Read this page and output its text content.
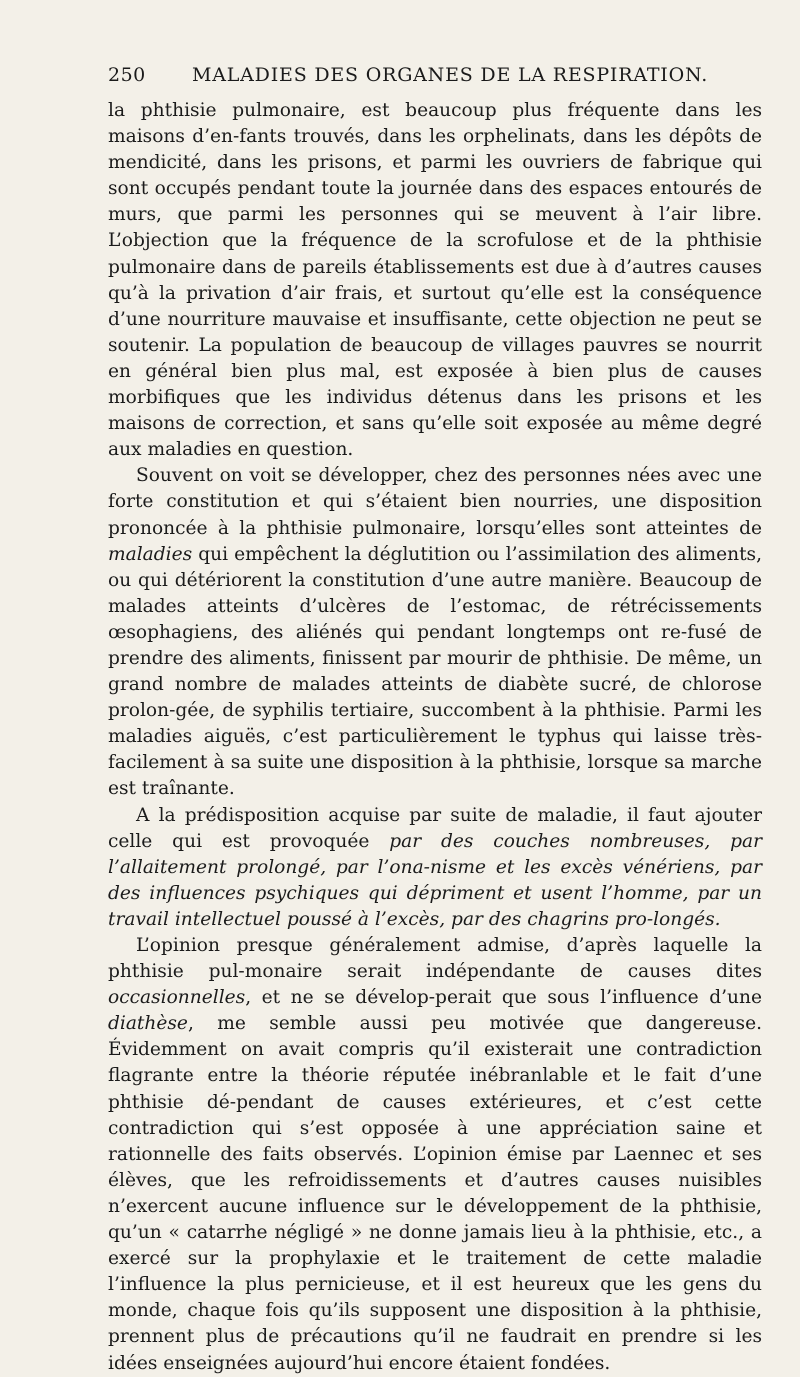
250	MALADIES DES ORGANES DE LA RESPIRATION.

la phthisie pulmonaire, est beaucoup plus fréquente dans les maisons d’en-fants trouvés, dans les orphelinats, dans les dépôts de mendicité, dans les prisons, et parmi les ouvriers de fabrique qui sont occupés pendant toute la journée dans des espaces entourés de murs, que parmi les personnes qui se meuvent à l’air libre. L’objection que la fréquence de la scrofulose et de la phthisie pulmonaire dans de pareils établissements est due à d’autres causes qu’à la privation d’air frais, et surtout qu’elle est la conséquence d’une nourriture mauvaise et insuffisante, cette objection ne peut se soutenir. La population de beaucoup de villages pauvres se nourrit en général bien plus mal, est exposée à bien plus de causes morbifiques que les individus détenus dans les prisons et les maisons de correction, et sans qu’elle soit exposée au même degré aux maladies en question.

Souvent on voit se développer, chez des personnes nées avec une forte constitution et qui s’étaient bien nourries, une disposition prononcée à la phthisie pulmonaire, lorsqu’elles sont atteintes de maladies qui empêchent la déglutition ou l’assimilation des aliments, ou qui détériorent la constitution d’une autre manière. Beaucoup de malades atteints d’ulcères de l’estomac, de rétrécissements œsophagiens, des aliénés qui pendant longtemps ont re-fusé de prendre des aliments, finissent par mourir de phthisie. De même, un grand nombre de malades atteints de diabète sucré, de chlorose prolon-gée, de syphilis tertiaire, succombent à la phthisie. Parmi les maladies aiguës, c’est particulièrement le typhus qui laisse très-facilement à sa suite une disposition à la phthisie, lorsque sa marche est traînante.

A la prédisposition acquise par suite de maladie, il faut ajouter celle qui est provoquée par des couches nombreuses, par l’allaitement prolongé, par l’ona-nisme et les excès vénériens, par des influences psychiques qui dépriment et usent l’homme, par un travail intellectuel poussé à l’excès, par des chagrins pro-longés.

L’opinion presque généralement admise, d’après laquelle la phthisie pul-monaire serait indépendante de causes dites occasionnelles, et ne se dévelop-perait que sous l’influence d’une diathèse, me semble aussi peu motivée que dangereuse. Évidemment on avait compris qu’il existerait une contradiction flagrante entre la théorie réputée inébranlable et le fait d’une phthisie dé-pendant de causes extérieures, et c’est cette contradiction qui s’est opposée à une appréciation saine et rationnelle des faits observés. L’opinion émise par Laennec et ses élèves, que les refroidissements et d’autres causes nuisibles n’exercent aucune influence sur le développement de la phthisie, qu’un « catarrhe négligé » ne donne jamais lieu à la phthisie, etc., a exercé sur la prophylaxie et le traitement de cette maladie l’influence la plus pernicieuse, et il est heureux que les gens du monde, chaque fois qu’ils supposent une disposition à la phthisie, prennent plus de précautions qu’il ne faudrait en prendre si les idées enseignées aujourd’hui encore étaient fondées.
